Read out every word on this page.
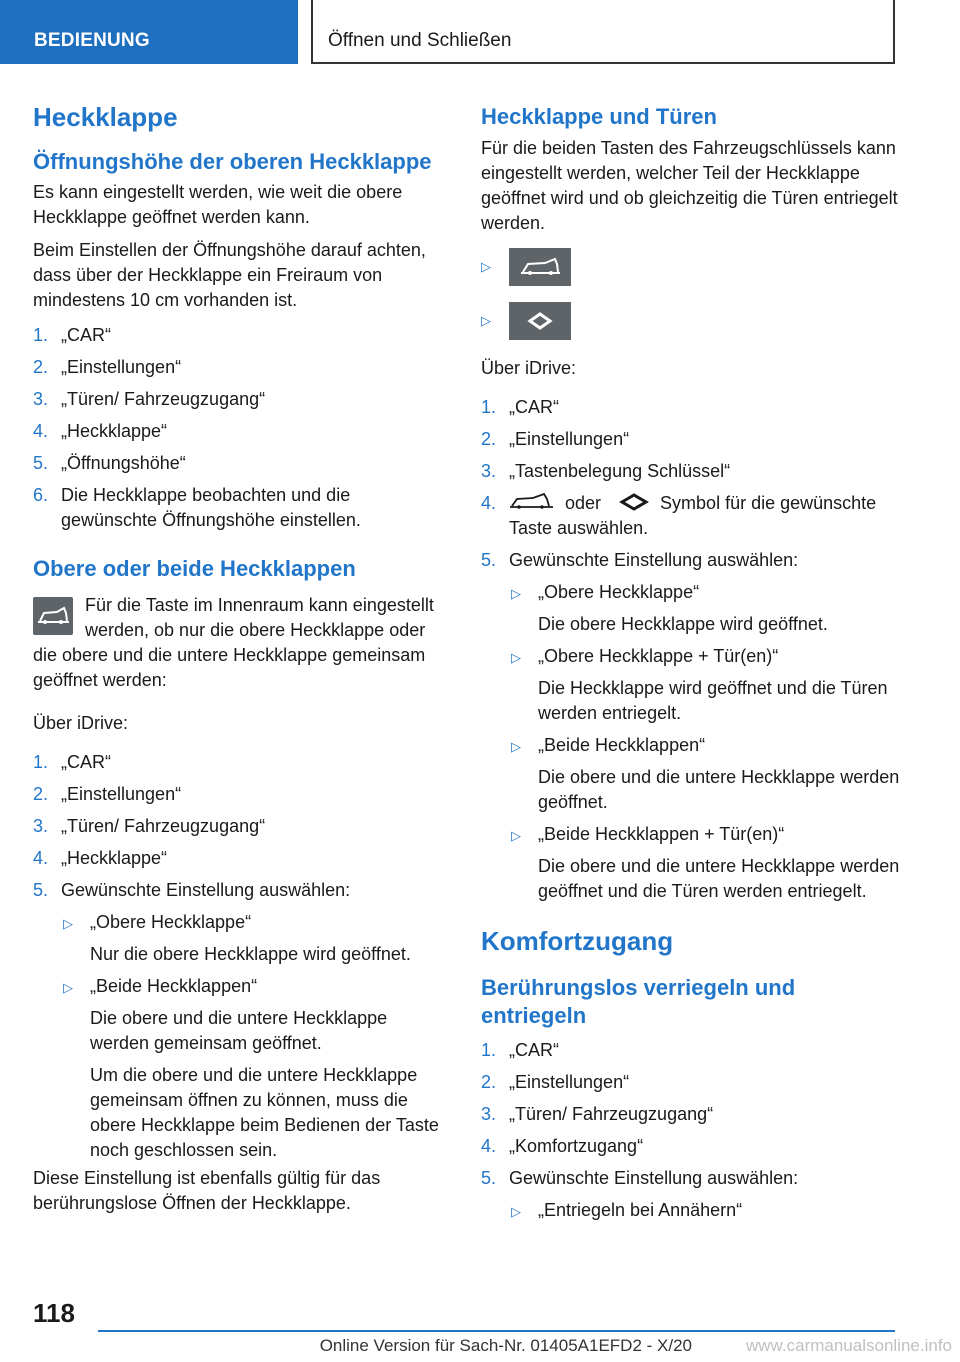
BEDIENUNG	Öffnen und Schließen
Heckklappe
Öffnungshöhe der oberen Heckklappe

Es kann eingestellt werden, wie weit die obere Heckklappe geöffnet werden kann.

Beim Einstellen der Öffnungshöhe darauf achten, dass über der Heckklappe ein Freiraum von mindestens 10 cm vorhanden ist.

1. „CAR“
2. „Einstellungen“
3. „Türen/ Fahrzeugzugang“
4. „Heckklappe“
5. „Öffnungshöhe“
6. Die Heckklappe beobachten und die gewünschte Öffnungshöhe einstellen.
Obere oder beide Heckklappen

Für die Taste im Innenraum kann eingestellt werden, ob nur die obere Heckklappe oder die obere und die untere Heckklappe gemeinsam geöffnet werden:

Über iDrive:

1. „CAR“
2. „Einstellungen“
3. „Türen/ Fahrzeugzugang“
4. „Heckklappe“
5. Gewünschte Einstellung auswählen:
▷ „Obere Heckklappe“
Nur die obere Heckklappe wird geöffnet.
▷ „Beide Heckklappen“
Die obere und die untere Heckklappe werden gemeinsam geöffnet.
Um die obere und die untere Heckklappe gemeinsam öffnen zu können, muss die obere Heckklappe beim Bedienen der Taste noch geschlossen sein.

Diese Einstellung ist ebenfalls gültig für das berührungslose Öffnen der Heckklappe.

Heckklappe und Türen

Für die beiden Tasten des Fahrzeugschlüssels kann eingestellt werden, welcher Teil der Heckklappe geöffnet wird und ob gleichzeitig die Türen entriegelt werden.

▷
▷

Über iDrive:

1. „CAR“
2. „Einstellungen“
3. „Tastenbelegung Schlüssel“
4.	oder	Symbol für die gewünschte Taste auswählen.
5. Gewünschte Einstellung auswählen:
▷ „Obere Heckklappe“
Die obere Heckklappe wird geöffnet.
▷ „Obere Heckklappe + Tür(en)“
Die Heckklappe wird geöffnet und die Türen werden entriegelt.
▷ „Beide Heckklappen“
Die obere und die untere Heckklappe werden geöffnet.
▷ „Beide Heckklappen + Tür(en)“
Die obere und die untere Heckklappe werden geöffnet und die Türen werden entriegelt.
Komfortzugang
Berührungslos verriegeln und entriegeln
1. „CAR“
2. „Einstellungen“
3. „Türen/ Fahrzeugzugang“
4. „Komfortzugang“
5. Gewünschte Einstellung auswählen:
▷ „Entriegeln bei Annähern“
118
Online Version für Sach-Nr. 01405A1EFD2 - X/20	www.carmanualsonline.info
